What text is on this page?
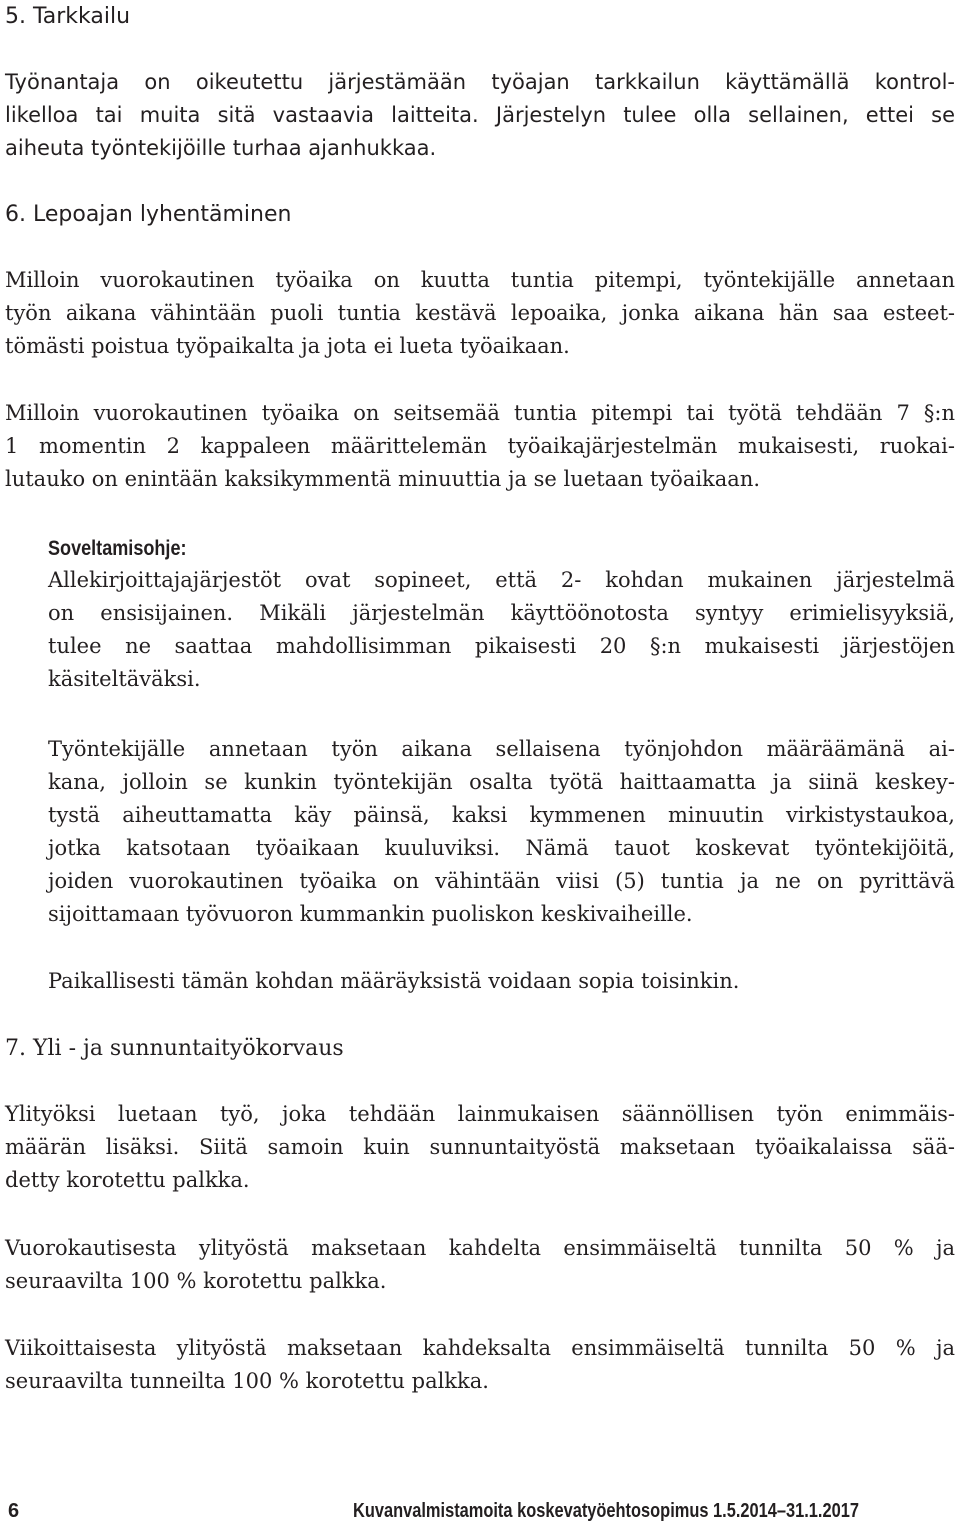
5. Tarkkailu
Työnantaja on oikeutettu järjestämään työajan tarkkailun käyttämällä kontrol-
likelloa tai muita sitä vastaavia laitteita. Järjestelyn tulee olla sellainen, ettei se
aiheuta työntekijöille turhaa ajanhukkaa.
6. Lepoajan lyhentäminen
Milloin vuorokautinen työaika on kuutta tuntia pitempi, työntekijälle annetaan
työn aikana vähintään puoli tuntia kestävä lepoaika, jonka aikana hän saa esteet-
tömästi poistua työpaikalta ja jota ei lueta työaikaan.
Milloin vuorokautinen työaika on seitsemää tuntia pitempi tai työtä tehdään 7 §:n
1 momentin 2 kappaleen määrittelemän työaikajärjestelmän mukaisesti, ruokai-
lutauko on enintään kaksikymmentä minuuttia ja se luetaan työaikaan.
Soveltamisohje:
Allekirjoittajajärjestöt ovat sopineet, että 2- kohdan mukainen järjestelmä
on ensisijainen. Mikäli järjestelmän käyttöönotosta syntyy erimielisyyksiä,
tulee ne saattaa mahdollisimman pikaisesti 20 §:n mukaisesti järjestöjen
käsiteltäväksi.
Työntekijälle annetaan työn aikana sellaisena työnjohdon määräämänä ai-
kana, jolloin se kunkin työntekijän osalta työtä haittaamatta ja siinä keskey-
tystä aiheuttamatta käy päinsä, kaksi kymmenen minuutin virkistystaukoa,
jotka katsotaan työaikaan kuuluviksi. Nämä tauot koskevat työntekijöitä,
joiden vuorokautinen työaika on vähintään viisi (5) tuntia ja ne on pyrittävä
sijoittamaan työvuoron kummankin puoliskon keskivaiheille.
Paikallisesti tämän kohdan määräyksistä voidaan sopia toisinkin.
7. Yli - ja sunnuntaityökorvaus
Ylityöksi luetaan työ, joka tehdään lainmukaisen säännöllisen työn enimmäis-
määrän lisäksi. Siitä samoin kuin sunnuntaityöstä maksetaan työaikalaissa sää-
detty korotettu palkka.
Vuorokautisesta ylityöstä maksetaan kahdelta ensimmäiseltä tunnilta 50 % ja
seuraavilta 100 % korotettu palkka.
Viikoittaisesta ylityöstä maksetaan kahdeksalta ensimmäiseltä tunnilta 50 % ja
seuraavilta tunneilta 100 % korotettu palkka.
6	Kuvanvalmistamoita koskevatyöehtosopimus 1.5.2014–31.1.2017
